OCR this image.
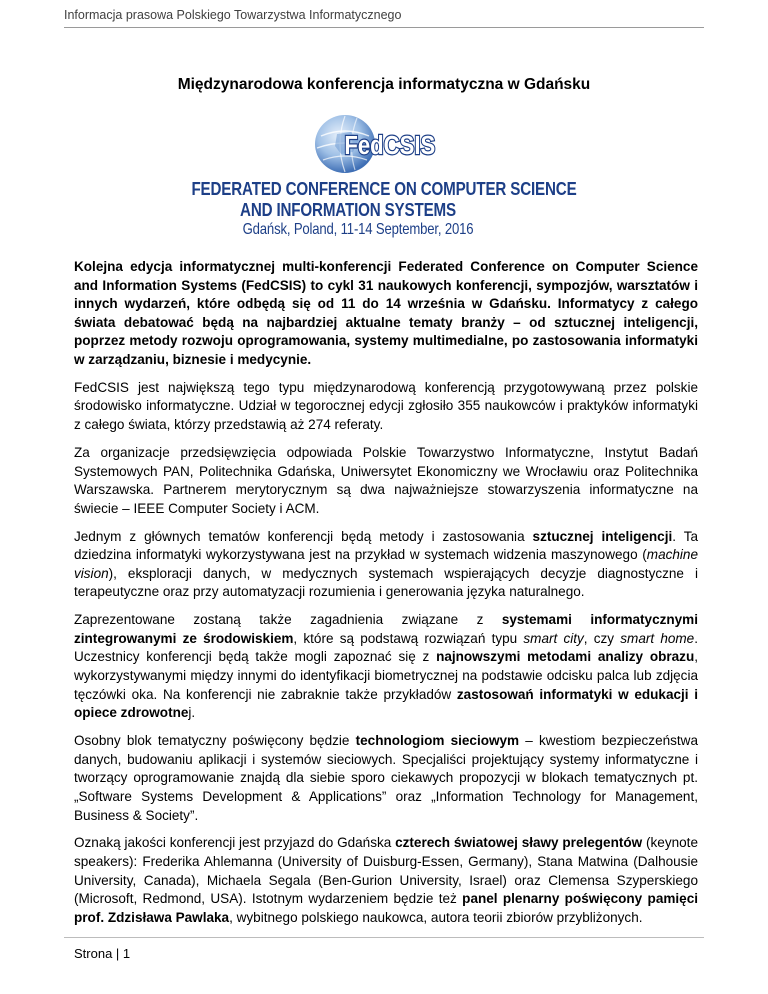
Informacja prasowa Polskiego Towarzystwa Informatycznego
Międzynarodowa konferencja informatyczna w Gdańsku
FedCSIS
FEDERATED CONFERENCE ON COMPUTER SCIENCE
AND INFORMATION SYSTEMS
Gdańsk, Poland, 11-14 September, 2016

Kolejna edycja informatycznej multi-konferencji Federated Conference on Computer Science and Information Systems (FedCSIS) to cykl 31 naukowych konferencji, sympozjów, warsztatów i innych wydarzeń, które odbędą się od 11 do 14 września w Gdańsku. Informatycy z całego świata debatować będą na najbardziej aktualne tematy branży – od sztucznej inteligencji, poprzez metody rozwoju oprogramowania, systemy multimedialne, po zastosowania informatyki w zarządzaniu, biznesie i medycynie.

FedCSIS jest największą tego typu międzynarodową konferencją przygotowywaną przez polskie środowisko informatyczne. Udział w tegorocznej edycji zgłosiło 355 naukowców i praktyków informatyki z całego świata, którzy przedstawią aż 274 referaty.

Za organizacje przedsięwzięcia odpowiada Polskie Towarzystwo Informatyczne, Instytut Badań Systemowych PAN, Politechnika Gdańska, Uniwersytet Ekonomiczny we Wrocławiu oraz Politechnika Warszawska. Partnerem merytorycznym są dwa najważniejsze stowarzyszenia informatyczne na świecie – IEEE Computer Society i ACM.

Jednym z głównych tematów konferencji będą metody i zastosowania sztucznej inteligencji. Ta dziedzina informatyki wykorzystywana jest na przykład w systemach widzenia maszynowego (machine vision), eksploracji danych, w medycznych systemach wspierających decyzje diagnostyczne i terapeutyczne oraz przy automatyzacji rozumienia i generowania języka naturalnego.

Zaprezentowane zostaną także zagadnienia związane z systemami informatycznymi zintegrowanymi ze środowiskiem, które są podstawą rozwiązań typu smart city, czy smart home. Uczestnicy konferencji będą także mogli zapoznać się z najnowszymi metodami analizy obrazu, wykorzystywanymi między innymi do identyfikacji biometrycznej na podstawie odcisku palca lub zdjęcia tęczówki oka. Na konferencji nie zabraknie także przykładów zastosowań informatyki w edukacji i opiece zdrowotnej.

Osobny blok tematyczny poświęcony będzie technologiom sieciowym – kwestiom bezpieczeństwa danych, budowaniu aplikacji i systemów sieciowych. Specjaliści projektujący systemy informatyczne i tworzący oprogramowanie znajdą dla siebie sporo ciekawych propozycji w blokach tematycznych pt. „Software Systems Development & Applications” oraz „Information Technology for Management, Business & Society”.

Oznaką jakości konferencji jest przyjazd do Gdańska czterech światowej sławy prelegentów (keynote speakers): Frederika Ahlemanna (University of Duisburg-Essen, Germany), Stana Matwina (Dalhousie University, Canada), Michaela Segala (Ben-Gurion University, Israel) oraz Clemensa Szyperskiego (Microsoft, Redmond, USA). Istotnym wydarzeniem będzie też panel plenarny poświęcony pamięci prof. Zdzisława Pawlaka, wybitnego polskiego naukowca, autora teorii zbiorów przybliżonych.

Strona | 1
